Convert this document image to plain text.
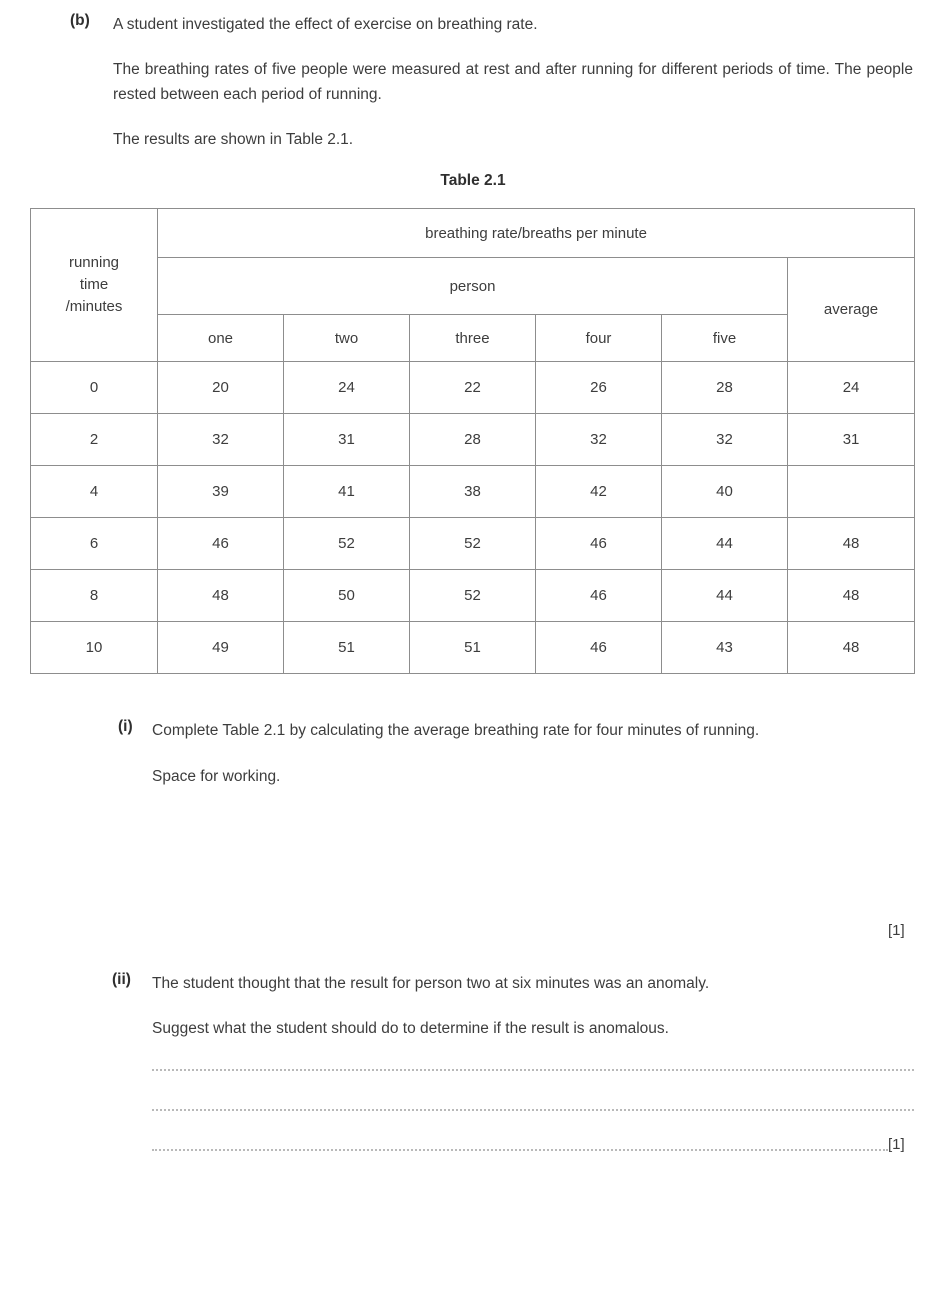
(b) A student investigated the effect of exercise on breathing rate.
The breathing rates of five people were measured at rest and after running for different periods of time. The people rested between each period of running.
The results are shown in Table 2.1.
Table 2.1
running
time
/minutes	breathing rate/breaths per minute					
	person					average
	one	two	three	four	five	
0	20	24	22	26	28	24
2	32	31	28	32	32	31
4	39	41	38	42	40	
6	46	52	52	46	44	48
8	48	50	52	46	44	48
10	49	51	51	46	43	48
(i) Complete Table 2.1 by calculating the average breathing rate for four minutes of running.
Space for working.
[1]
(ii) The student thought that the result for person two at six minutes was an anomaly.
Suggest what the student should do to determine if the result is anomalous.
[1]
